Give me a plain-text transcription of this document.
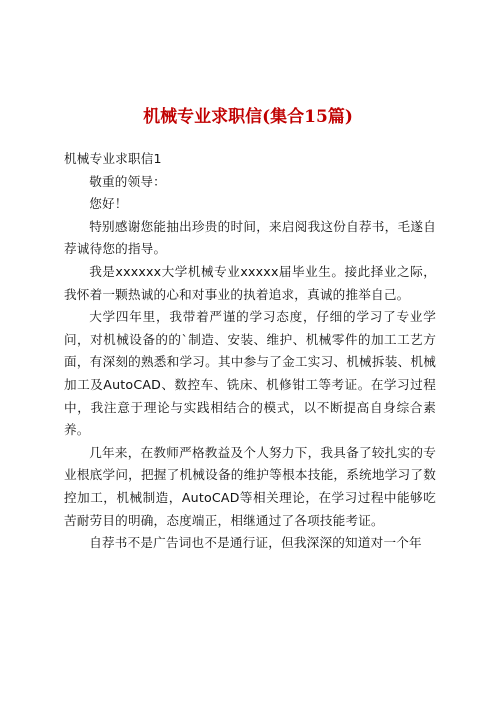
机械专业求职信(集合15篇)

机械专业求职信1

敬重的领导：

您好！

特别感谢您能抽出珍贵的时间，来启阅我这份自荐书，毛遂自荐诚待您的指导。

我是xxxxxx大学机械专业xxxxx届毕业生。接此择业之际，我怀着一颗热诚的心和对事业的执着追求，真诚的推举自己。

大学四年里，我带着严谨的学习态度，仔细的学习了专业学问，对机械设备的的`制造、安装、维护、机械零件的加工工艺方面，有深刻的熟悉和学习。其中参与了金工实习、机械拆装、机械加工及AutoCAD、数控车、铣床、机修钳工等考证。在学习过程中，我注意于理论与实践相结合的模式，以不断提高自身综合素养。

几年来，在教师严格教益及个人努力下，我具备了较扎实的专业根底学问，把握了机械设备的维护等根本技能，系统地学习了数控加工，机械制造，AutoCAD等相关理论，在学习过程中能够吃苦耐劳目的明确，态度端正，相继通过了各项技能考证。

自荐书不是广告词也不是通行证，但我深深的知道对一个年
